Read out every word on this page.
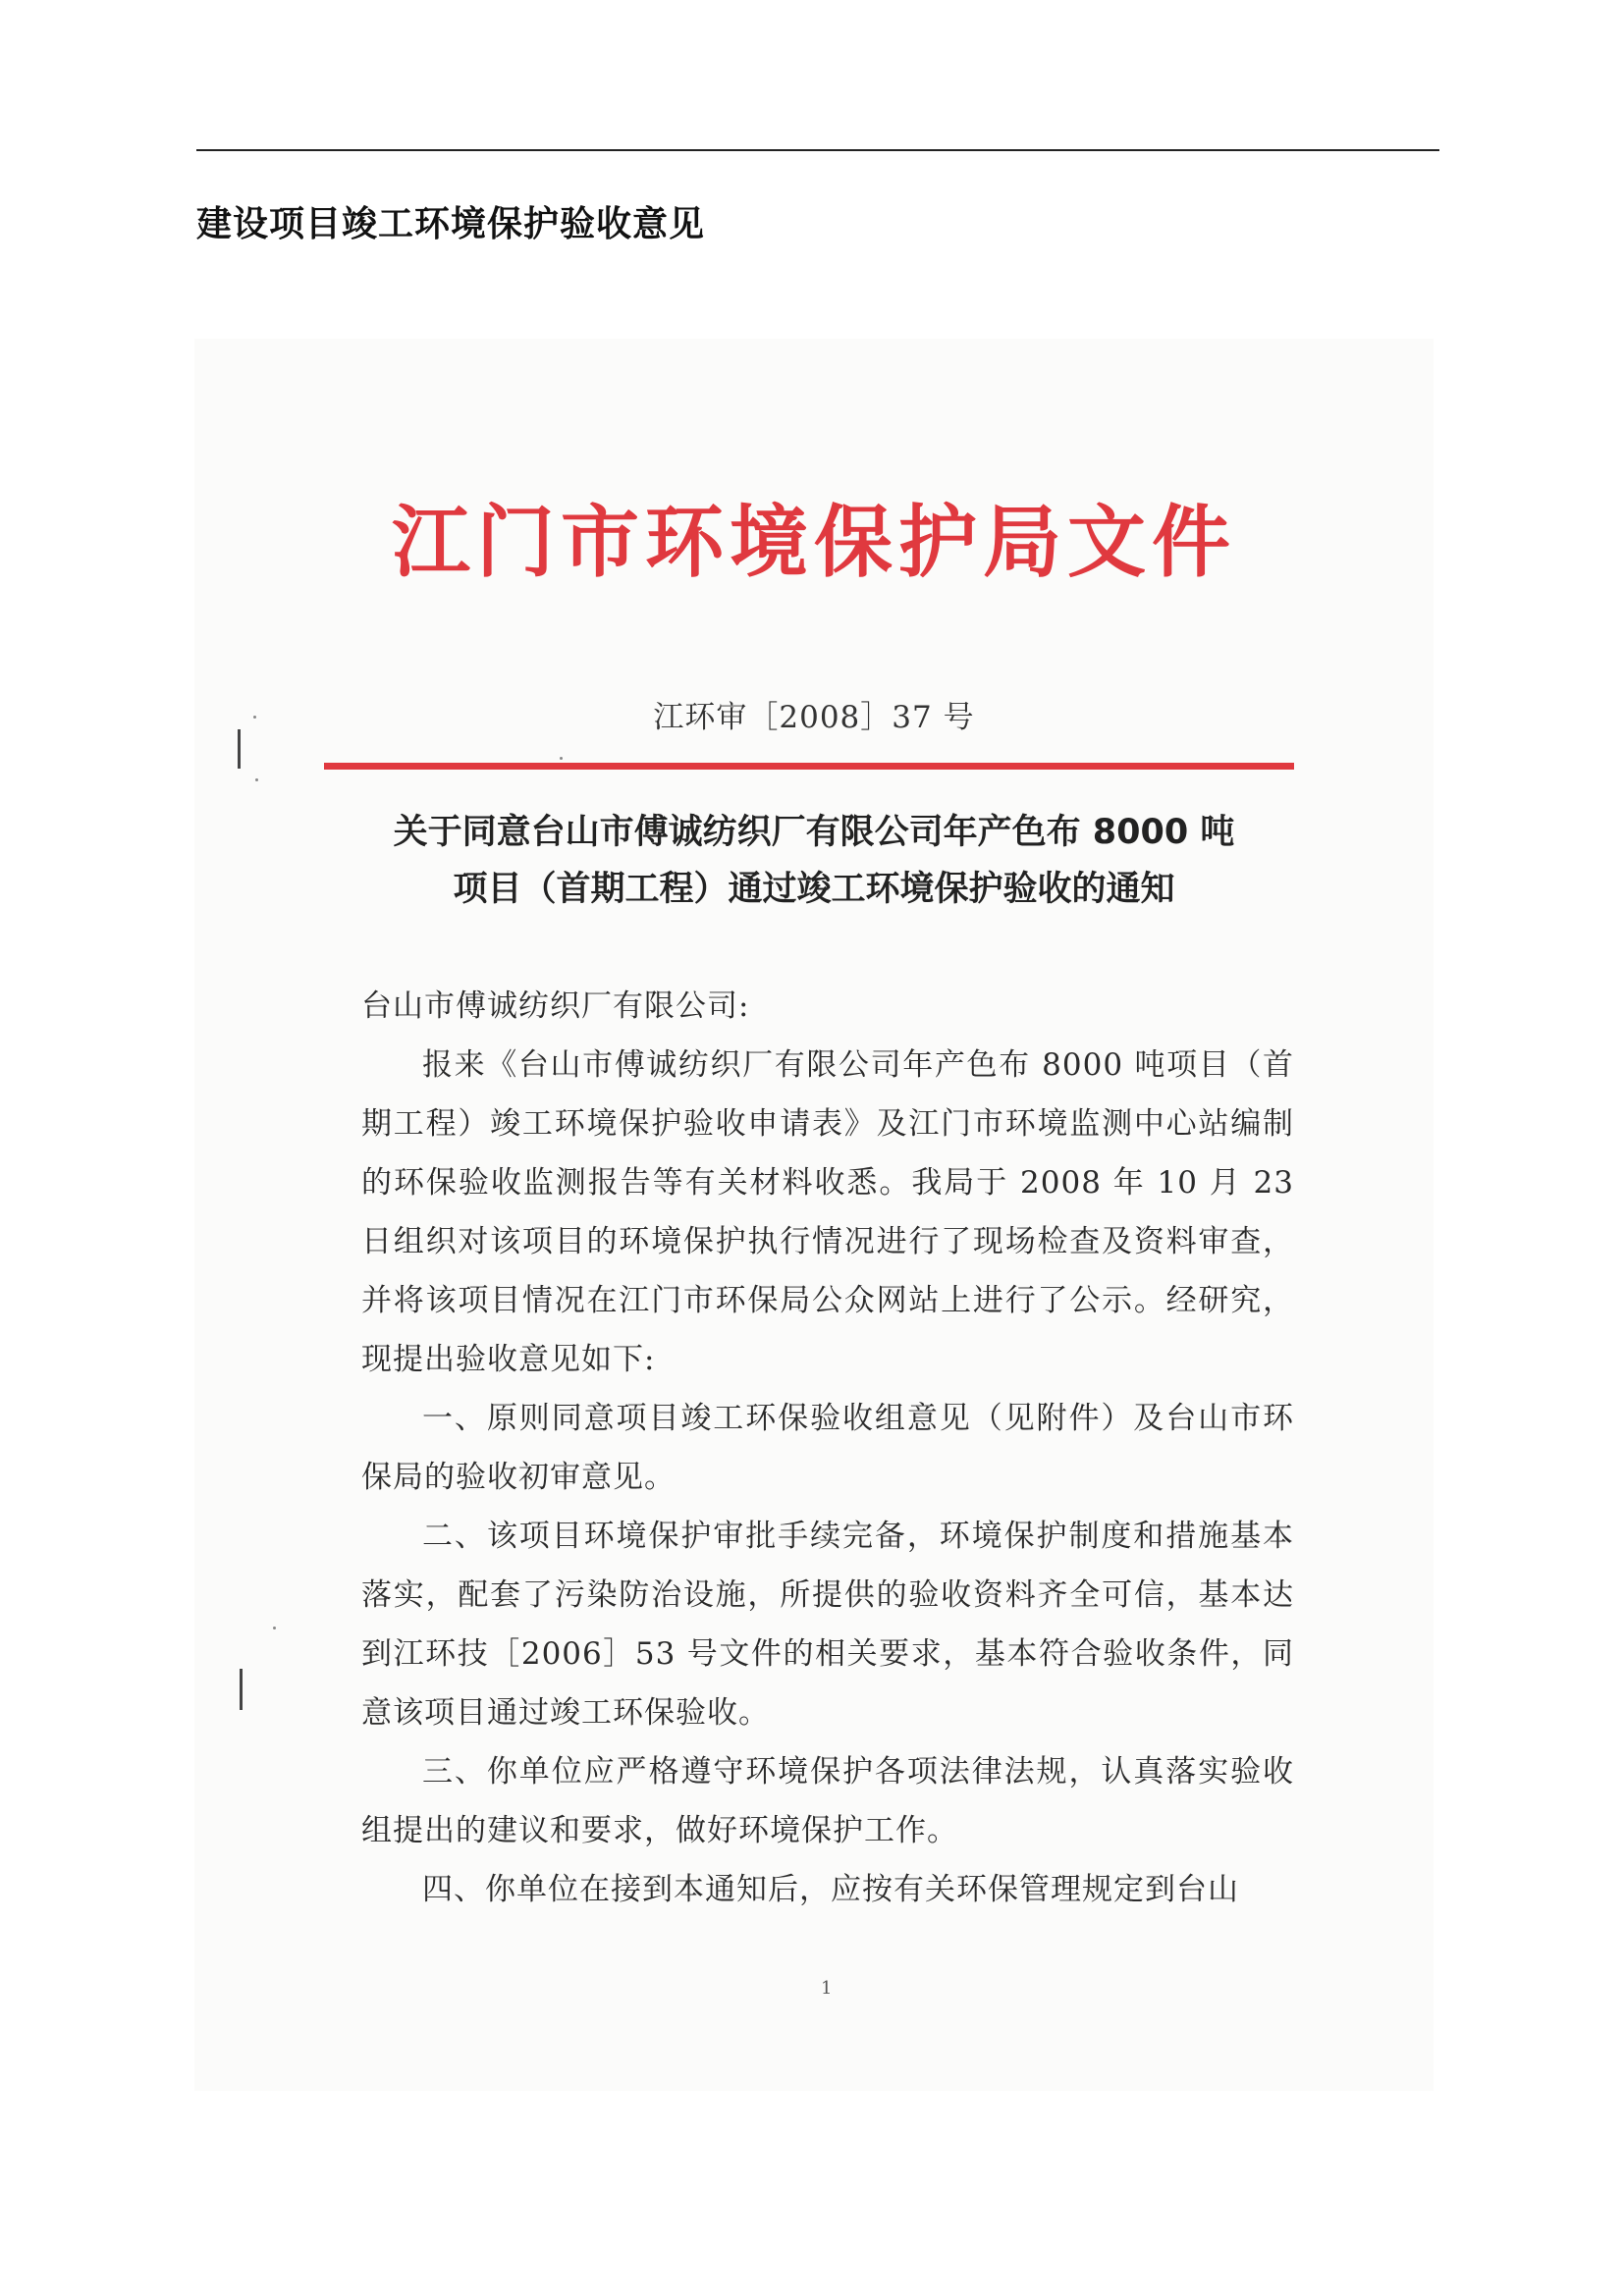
建设项目竣工环境保护验收意见
江门市环境保护局文件
江环审［2008］37 号
关于同意台山市傅诚纺织厂有限公司年产色布 8000 吨
项目（首期工程）通过竣工环境保护验收的通知

台山市傅诚纺织厂有限公司:

报来《台山市傅诚纺织厂有限公司年产色布 8000 吨项目（首期工程）竣工环境保护验收申请表》及江门市环境监测中心站编制的环保验收监测报告等有关材料收悉。我局于 2008 年 10 月 23 日组织对该项目的环境保护执行情况进行了现场检查及资料审查，并将该项目情况在江门市环保局公众网站上进行了公示。经研究，现提出验收意见如下:

一、原则同意项目竣工环保验收组意见（见附件）及台山市环保局的验收初审意见。

二、该项目环境保护审批手续完备，环境保护制度和措施基本落实，配套了污染防治设施，所提供的验收资料齐全可信，基本达到江环技［2006］53 号文件的相关要求，基本符合验收条件，同意该项目通过竣工环保验收。

三、你单位应严格遵守环境保护各项法律法规，认真落实验收组提出的建议和要求，做好环境保护工作。

四、你单位在接到本通知后，应按有关环保管理规定到台山

1
